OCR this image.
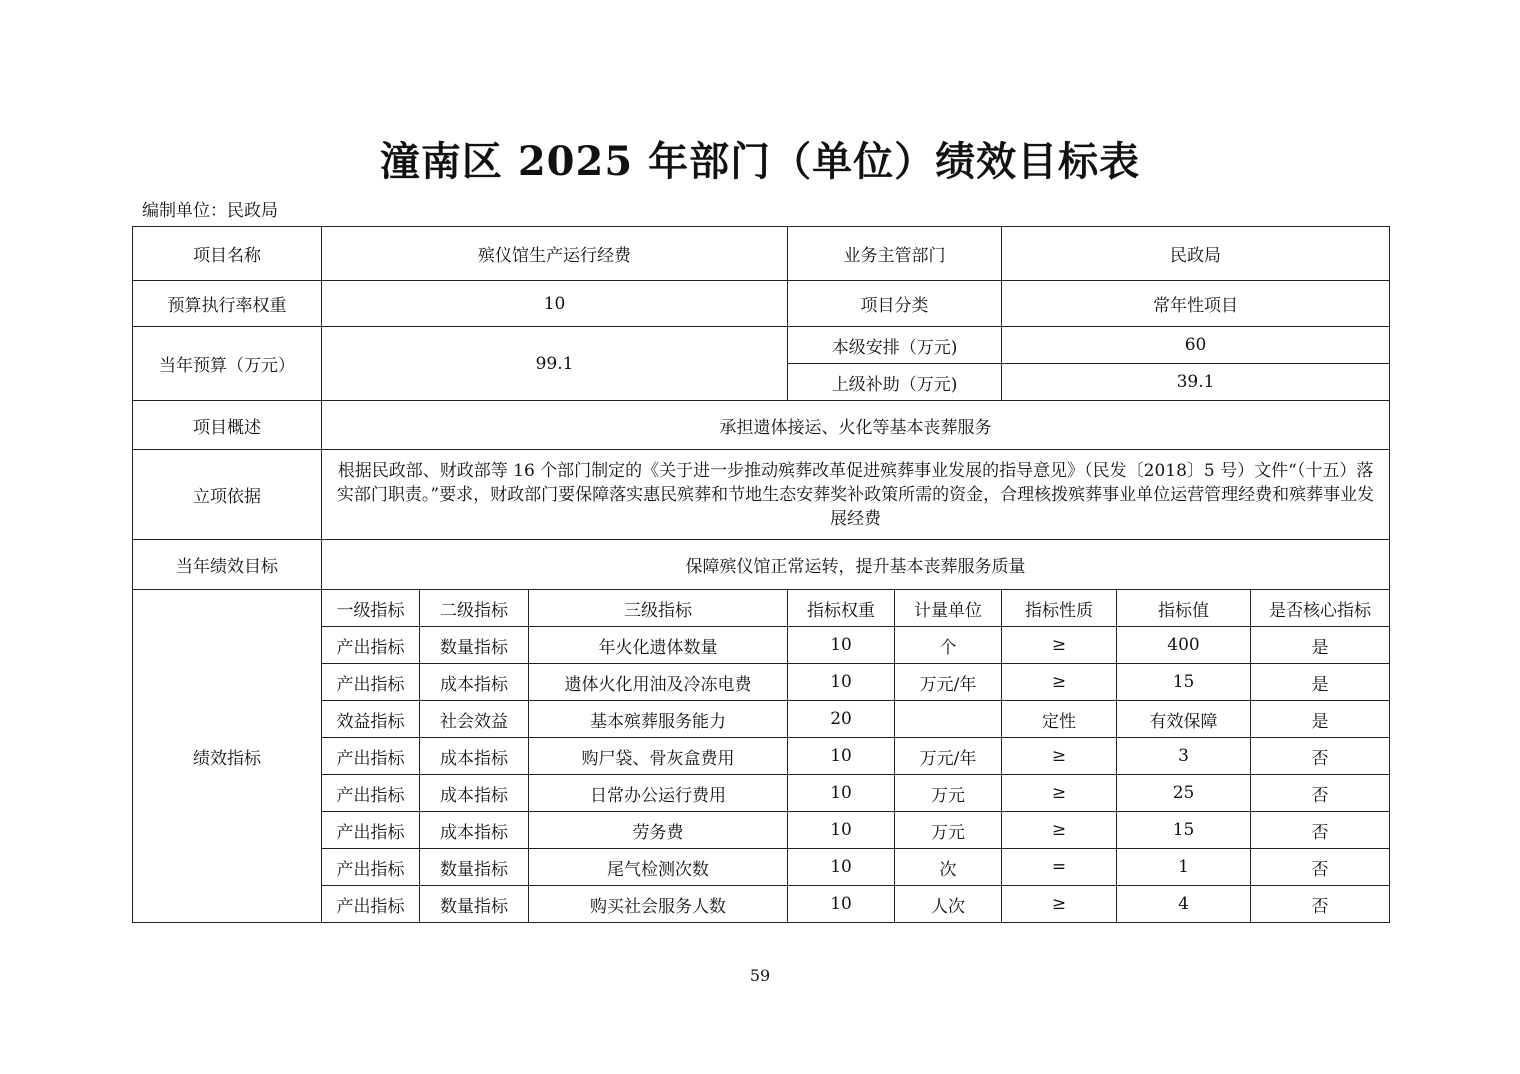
潼南区 2025 年部门（单位）绩效目标表
编制单位：民政局
项目名称	殡仪馆生产运行经费			业务主管部门		民政局		
预算执行率权重	10			项目分类		常年性项目		
当年预算（万元）	99.1			本级安排（万元)		60		
				上级补助（万元)		39.1		
项目概述	承担遗体接运、火化等基本丧葬服务							
立项依据	根据民政部、财政部等 16 个部门制定的《关于进一步推动殡葬改革促进殡葬事业发展的指导意见》（民发〔2018〕5 号）文件“（十五）落实部门职责。”要求，财政部门要保障落实惠民殡葬和节地生态安葬奖补政策所需的资金，合理核拨殡葬事业单位运营管理经费和殡葬事业发展经费							
当年绩效目标	保障殡仪馆正常运转，提升基本丧葬服务质量							
绩效指标	一级指标	二级指标	三级指标	指标权重	计量单位	指标性质	指标值	是否核心指标
	产出指标	数量指标	年火化遗体数量	10	个	≥	400	是
	产出指标	成本指标	遗体火化用油及冷冻电费	10	万元/年	≥	15	是
	效益指标	社会效益	基本殡葬服务能力	20		定性	有效保障	是
	产出指标	成本指标	购尸袋、骨灰盒费用	10	万元/年	≥	3	否
	产出指标	成本指标	日常办公运行费用	10	万元	≥	25	否
	产出指标	成本指标	劳务费	10	万元	≥	15	否
	产出指标	数量指标	尾气检测次数	10	次	=	1	否
	产出指标	数量指标	购买社会服务人数	10	人次	≥	4	否
59
